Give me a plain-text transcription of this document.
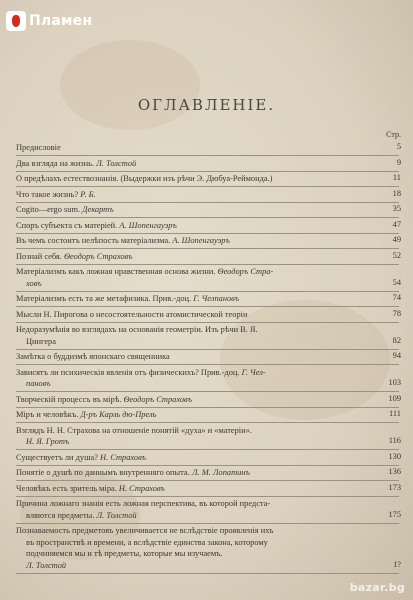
Пламен
ОГЛАВЛЕНІЕ.
Стр.
Предисловіе	5
Два взгляда на жизнь. Л. Толстой	9
О предѣлахъ естествознанія. (Выдержки изъ рѣчи Э. Дюбуа-Реймонда.)	11
Что такое жизнь? Р. Б.	18
Cogito—ergo sum. Декартъ	35
Споръ субъекта съ матеріей. А. Шопенгауэръ	47
Въ чемъ состоитъ нелѣпость матеріализма. А. Шопенгауэръ	49
Познай себя. Ѳеодоръ Страховъ	52
Матеріализмъ какъ ложная нравственная основа жизни. Ѳеодоръ Стра-
ховъ	54
Матеріализмъ есть та же метафизика. Прив.-доц. Г. Челпановъ	74
Мысли Н. Пирогова о несостоятельности атомистической теоріи	78
Недоразумѣнія во взглядахъ на основанія геометріи. Изъ рѣчи В. Я.
Цингера	82
Замѣтка о буддизмѣ японскаго священника	94
Зависятъ ли психическія явленія отъ физическихъ? Прив.-доц. Г. Чел-
пановъ	103
Творческій процессъ въ мірѣ. Ѳеодоръ Страховъ	109
Міръ и человѣкъ. Д-ръ Карль дю-Прель	111
Взглядъ Н. Н. Страхова на отношеніе понятій «духа» и «матеріи».
Н. Я. Гротъ	116
Существуетъ ли душа? Н. Страховъ	130
Понятіе о душѣ по даннымъ внутренняго опыта. Л. М. Лопатинъ	136
Человѣкъ есть зритель міра. Н. Страховъ	173
Причина ложнаго знанія есть ложная перспектива, въ которой предста-
вляются предметы. Л. Толстой	175
Познаваемость предметовъ увеличивается не вслѣдствіе проявленія ихъ
въ пространствѣ и времени, а вслѣдствіе единства закона, которому
подчиняемся мы и тѣ предметы, которые мы изучаемъ.
Л. Толстой	1?
bazar.bg
